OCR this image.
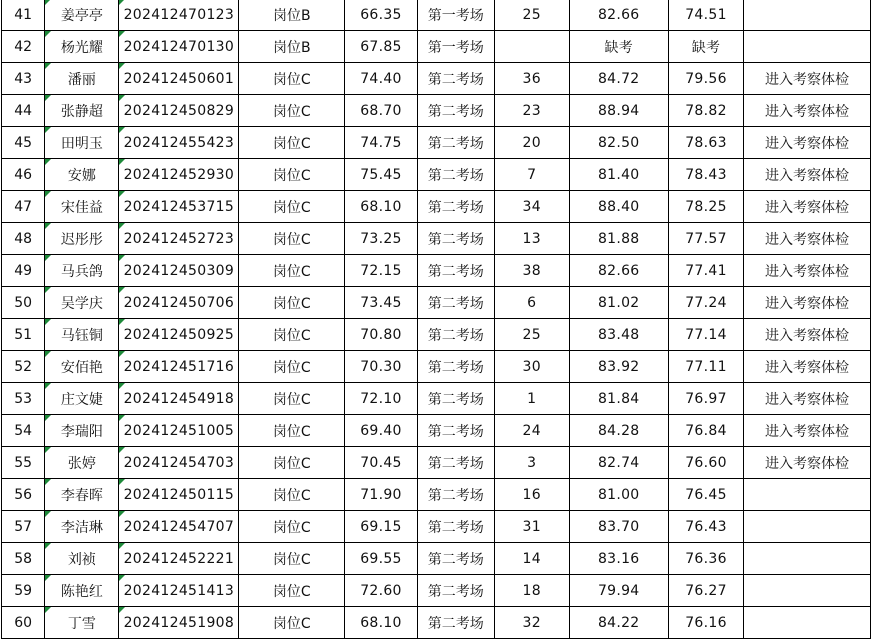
41	姜亭亭	202412470123	岗位B	66.35	第一考场	25	82.66	74.51	
42	杨光耀	202412470130	岗位B	67.85	第一考场		缺考	缺考	
43	潘丽	202412450601	岗位C	74.40	第二考场	36	84.72	79.56	进入考察体检
44	张静超	202412450829	岗位C	68.70	第二考场	23	88.94	78.82	进入考察体检
45	田明玉	202412455423	岗位C	74.75	第二考场	20	82.50	78.63	进入考察体检
46	安娜	202412452930	岗位C	75.45	第二考场	7	81.40	78.43	进入考察体检
47	宋佳益	202412453715	岗位C	68.10	第二考场	34	88.40	78.25	进入考察体检
48	迟彤彤	202412452723	岗位C	73.25	第二考场	13	81.88	77.57	进入考察体检
49	马兵鸽	202412450309	岗位C	72.15	第二考场	38	82.66	77.41	进入考察体检
50	吴学庆	202412450706	岗位C	73.45	第二考场	6	81.02	77.24	进入考察体检
51	马钰铜	202412450925	岗位C	70.80	第二考场	25	83.48	77.14	进入考察体检
52	安佰艳	202412451716	岗位C	70.30	第二考场	30	83.92	77.11	进入考察体检
53	庄文婕	202412454918	岗位C	72.10	第二考场	1	81.84	76.97	进入考察体检
54	李瑞阳	202412451005	岗位C	69.40	第二考场	24	84.28	76.84	进入考察体检
55	张婷	202412454703	岗位C	70.45	第二考场	3	82.74	76.60	进入考察体检
56	李春晖	202412450115	岗位C	71.90	第二考场	16	81.00	76.45	
57	李洁琳	202412454707	岗位C	69.15	第二考场	31	83.70	76.43	
58	刘祯	202412452221	岗位C	69.55	第二考场	14	83.16	76.36	
59	陈艳红	202412451413	岗位C	72.60	第二考场	18	79.94	76.27	
60	丁雪	202412451908	岗位C	68.10	第二考场	32	84.22	76.16	
